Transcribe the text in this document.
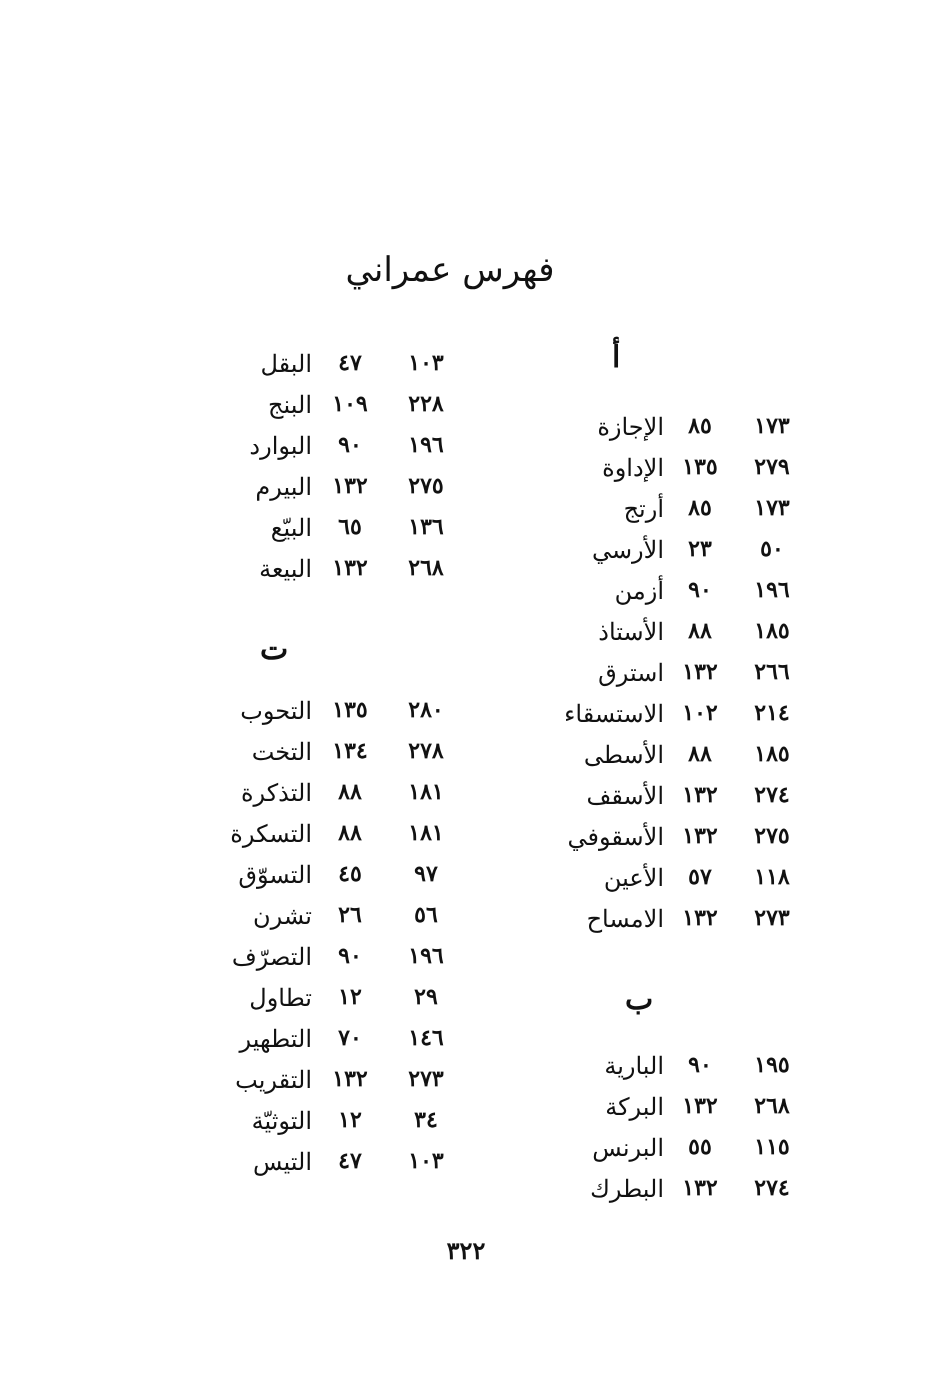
فهرس عمراني
أ
١٧٣
٨٥
الإجازة
٢٧٩
١٣٥
الإداوة
١٧٣
٨٥
أرتج
٥٠
٢٣
الأرسي
١٩٦
٩٠
أزمن
١٨٥
٨٨
الأستاذ
٢٦٦
١٣٢
استرق
٢١٤
١٠٢
الاستسقاء
١٨٥
٨٨
الأسطى
٢٧٤
١٣٢
الأسقف
٢٧٥
١٣٢
الأسقوفي
١١٨
٥٧
الأعين
٢٧٣
١٣٢
الامساح
ب
١٩٥
٩٠
البارية
٢٦٨
١٣٢
البركة
١١٥
٥٥
البرنس
٢٧٤
١٣٢
البطرك
١٠٣
٤٧
البقل
٢٢٨
١٠٩
البنج
١٩٦
٩٠
البوارد
٢٧٥
١٣٢
البيرم
١٣٦
٦٥
البيّع
٢٦٨
١٣٢
البيعة
ت
٢٨٠
١٣٥
التحوب
٢٧٨
١٣٤
التخت
١٨١
٨٨
التذكرة
١٨١
٨٨
التسكرة
٩٧
٤٥
التسوّق
٥٦
٢٦
تشرن
١٩٦
٩٠
التصرّف
٢٩
١٢
تطاول
١٤٦
٧٠
التطهير
٢٧٣
١٣٢
التقريب
٣٤
١٢
التوثيّة
١٠٣
٤٧
التيس
٣٢٢
